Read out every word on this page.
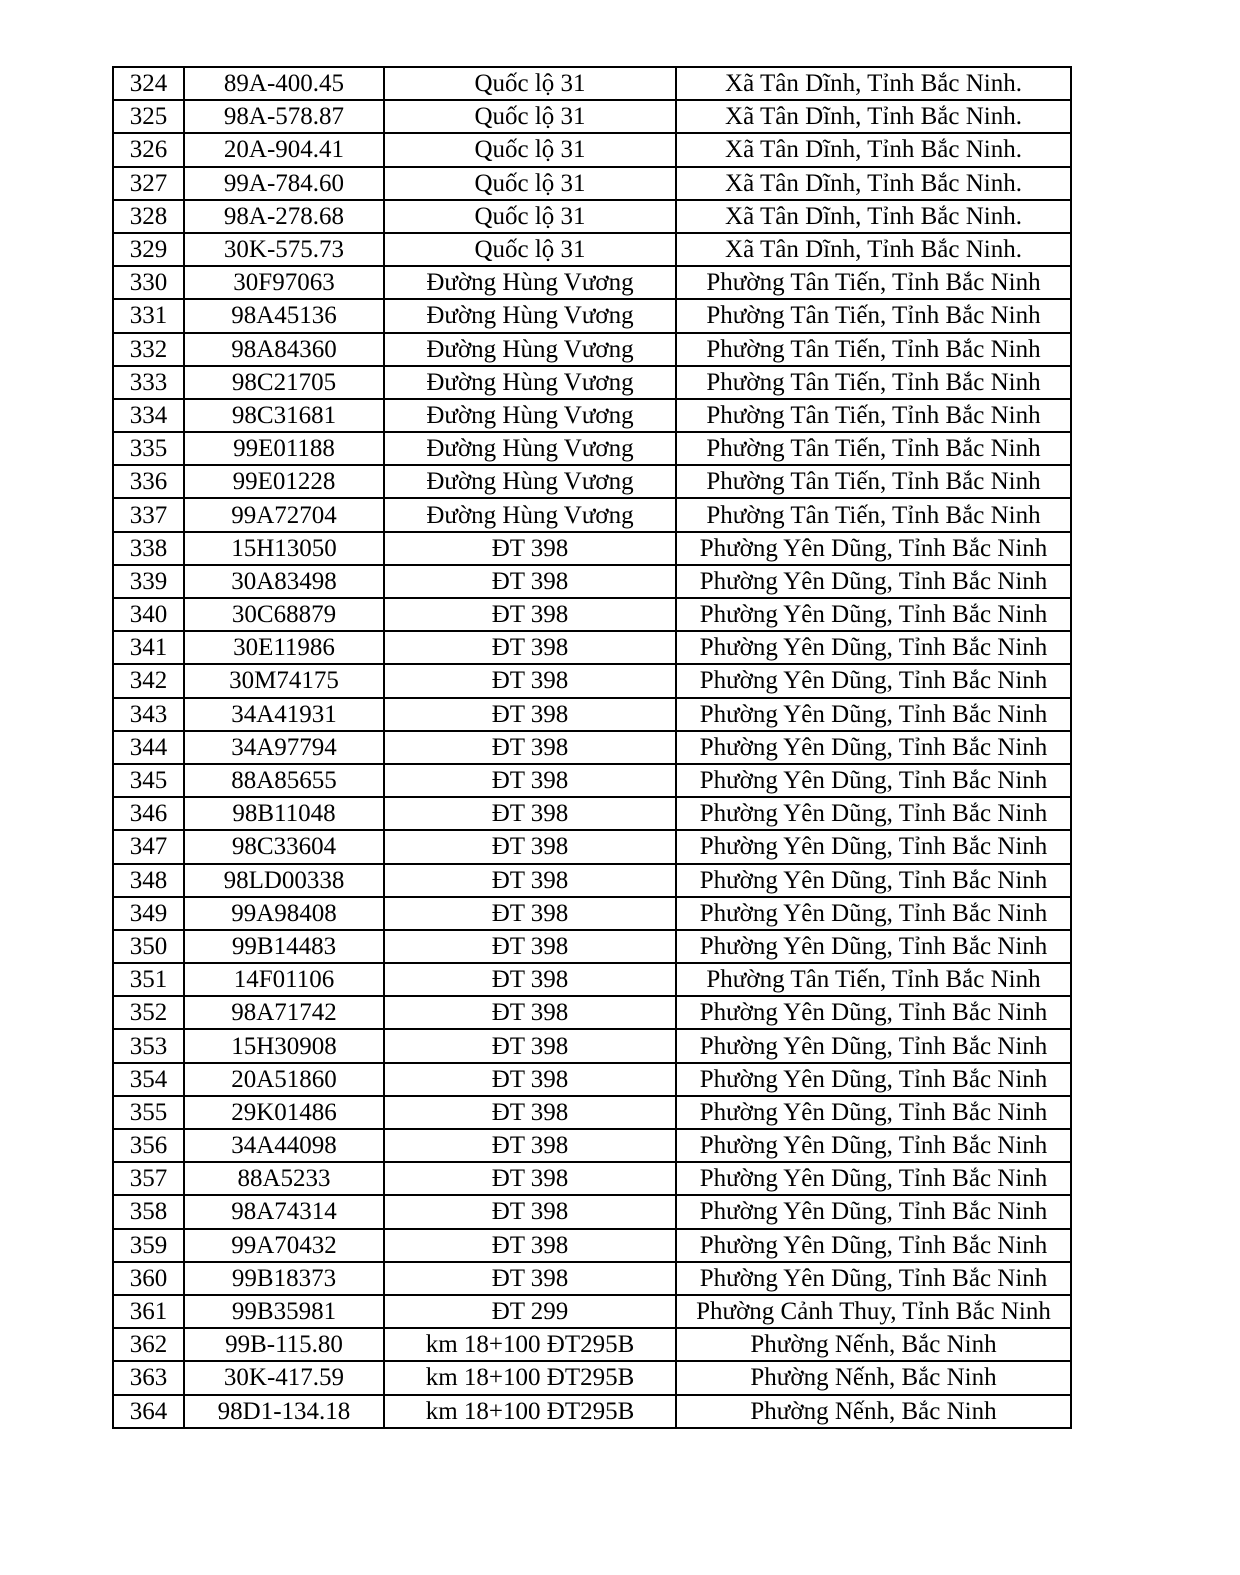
324	89A-400.45	Quốc lộ 31	Xã Tân Dĩnh, Tỉnh Bắc Ninh.
325	98A-578.87	Quốc lộ 31	Xã Tân Dĩnh, Tỉnh Bắc Ninh.
326	20A-904.41	Quốc lộ 31	Xã Tân Dĩnh, Tỉnh Bắc Ninh.
327	99A-784.60	Quốc lộ 31	Xã Tân Dĩnh, Tỉnh Bắc Ninh.
328	98A-278.68	Quốc lộ 31	Xã Tân Dĩnh, Tỉnh Bắc Ninh.
329	30K-575.73	Quốc lộ 31	Xã Tân Dĩnh, Tỉnh Bắc Ninh.
330	30F97063	Đường Hùng Vương	Phường Tân Tiến, Tỉnh Bắc Ninh
331	98A45136	Đường Hùng Vương	Phường Tân Tiến, Tỉnh Bắc Ninh
332	98A84360	Đường Hùng Vương	Phường Tân Tiến, Tỉnh Bắc Ninh
333	98C21705	Đường Hùng Vương	Phường Tân Tiến, Tỉnh Bắc Ninh
334	98C31681	Đường Hùng Vương	Phường Tân Tiến, Tỉnh Bắc Ninh
335	99E01188	Đường Hùng Vương	Phường Tân Tiến, Tỉnh Bắc Ninh
336	99E01228	Đường Hùng Vương	Phường Tân Tiến, Tỉnh Bắc Ninh
337	99A72704	Đường Hùng Vương	Phường Tân Tiến, Tỉnh Bắc Ninh
338	15H13050	ĐT 398	Phường Yên Dũng, Tỉnh Bắc Ninh
339	30A83498	ĐT 398	Phường Yên Dũng, Tỉnh Bắc Ninh
340	30C68879	ĐT 398	Phường Yên Dũng, Tỉnh Bắc Ninh
341	30E11986	ĐT 398	Phường Yên Dũng, Tỉnh Bắc Ninh
342	30M74175	ĐT 398	Phường Yên Dũng, Tỉnh Bắc Ninh
343	34A41931	ĐT 398	Phường Yên Dũng, Tỉnh Bắc Ninh
344	34A97794	ĐT 398	Phường Yên Dũng, Tỉnh Bắc Ninh
345	88A85655	ĐT 398	Phường Yên Dũng, Tỉnh Bắc Ninh
346	98B11048	ĐT 398	Phường Yên Dũng, Tỉnh Bắc Ninh
347	98C33604	ĐT 398	Phường Yên Dũng, Tỉnh Bắc Ninh
348	98LD00338	ĐT 398	Phường Yên Dũng, Tỉnh Bắc Ninh
349	99A98408	ĐT 398	Phường Yên Dũng, Tỉnh Bắc Ninh
350	99B14483	ĐT 398	Phường Yên Dũng, Tỉnh Bắc Ninh
351	14F01106	ĐT 398	Phường Tân Tiến, Tỉnh Bắc Ninh
352	98A71742	ĐT 398	Phường Yên Dũng, Tỉnh Bắc Ninh
353	15H30908	ĐT 398	Phường Yên Dũng, Tỉnh Bắc Ninh
354	20A51860	ĐT 398	Phường Yên Dũng, Tỉnh Bắc Ninh
355	29K01486	ĐT 398	Phường Yên Dũng, Tỉnh Bắc Ninh
356	34A44098	ĐT 398	Phường Yên Dũng, Tỉnh Bắc Ninh
357	88A5233	ĐT 398	Phường Yên Dũng, Tỉnh Bắc Ninh
358	98A74314	ĐT 398	Phường Yên Dũng, Tỉnh Bắc Ninh
359	99A70432	ĐT 398	Phường Yên Dũng, Tỉnh Bắc Ninh
360	99B18373	ĐT 398	Phường Yên Dũng, Tỉnh Bắc Ninh
361	99B35981	ĐT 299	Phường Cảnh Thuy, Tỉnh Bắc Ninh
362	99B-115.80	km 18+100 ĐT295B	Phường Nếnh, Bắc Ninh
363	30K-417.59	km 18+100 ĐT295B	Phường Nếnh, Bắc Ninh
364	98D1-134.18	km 18+100 ĐT295B	Phường Nếnh, Bắc Ninh
